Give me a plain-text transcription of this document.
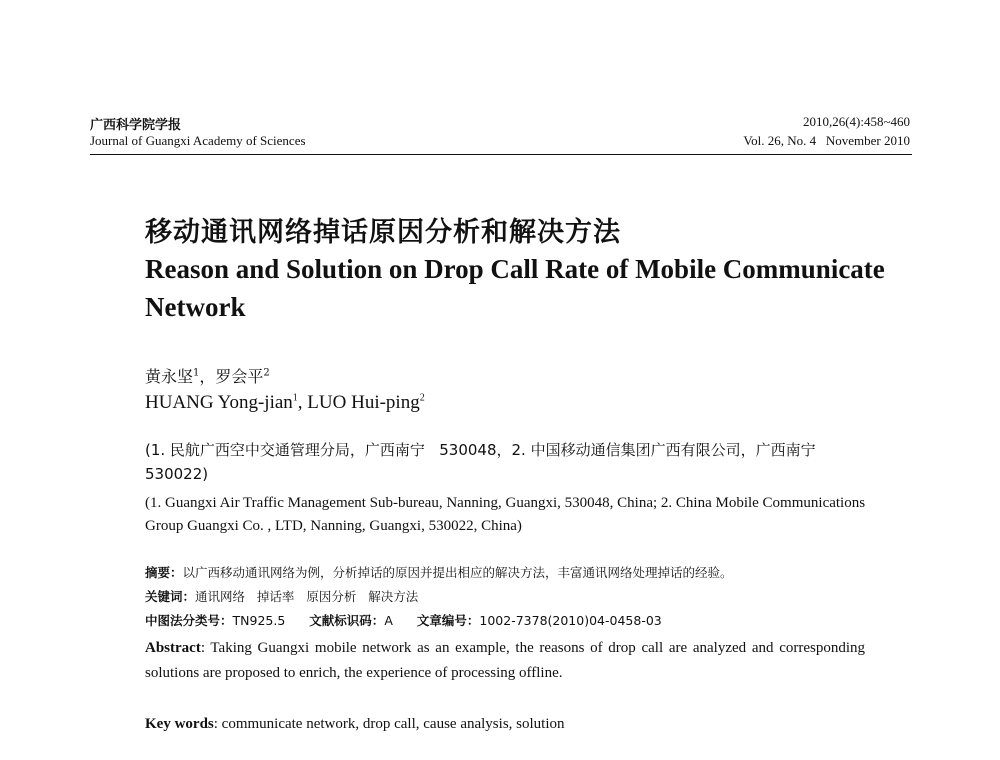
广西科学院学报
Journal of Guangxi Academy of Sciences
2010,26(4):458~460
Vol. 26, No. 4   November 2010
移动通讯网络掉话原因分析和解决方法
Reason and Solution on Drop Call Rate of Mobile Communicate Network
黄永坚$^1$，罗会平$^2$
HUANG Yong-jian$^1$, LUO Hui-ping$^2$
(1. 民航广西空中交通管理分局，广西南宁   530048，2. 中国移动通信集团广西有限公司，广西南宁   530022)
(1. Guangxi Air Traffic Management Sub-bureau, Nanning, Guangxi, 530048, China; 2. China Mobile Communications Group Guangxi Co. , LTD, Nanning, Guangxi, 530022, China)
摘要：以广西移动通讯网络为例，分析掉话的原因并提出相应的解决方法，丰富通讯网络处理掉话的经验。
关键词：通讯网络   掉话率   原因分析   解决方法
中图法分类号：TN925.5 文献标识码：A 文章编号：1002-7378(2010)04-0458-03
Abstract: Taking Guangxi mobile network as an example, the reasons of drop call are analyzed and corresponding solutions are proposed to enrich, the experience of processing offline.
Key words: communicate network, drop call, cause analysis, solution
